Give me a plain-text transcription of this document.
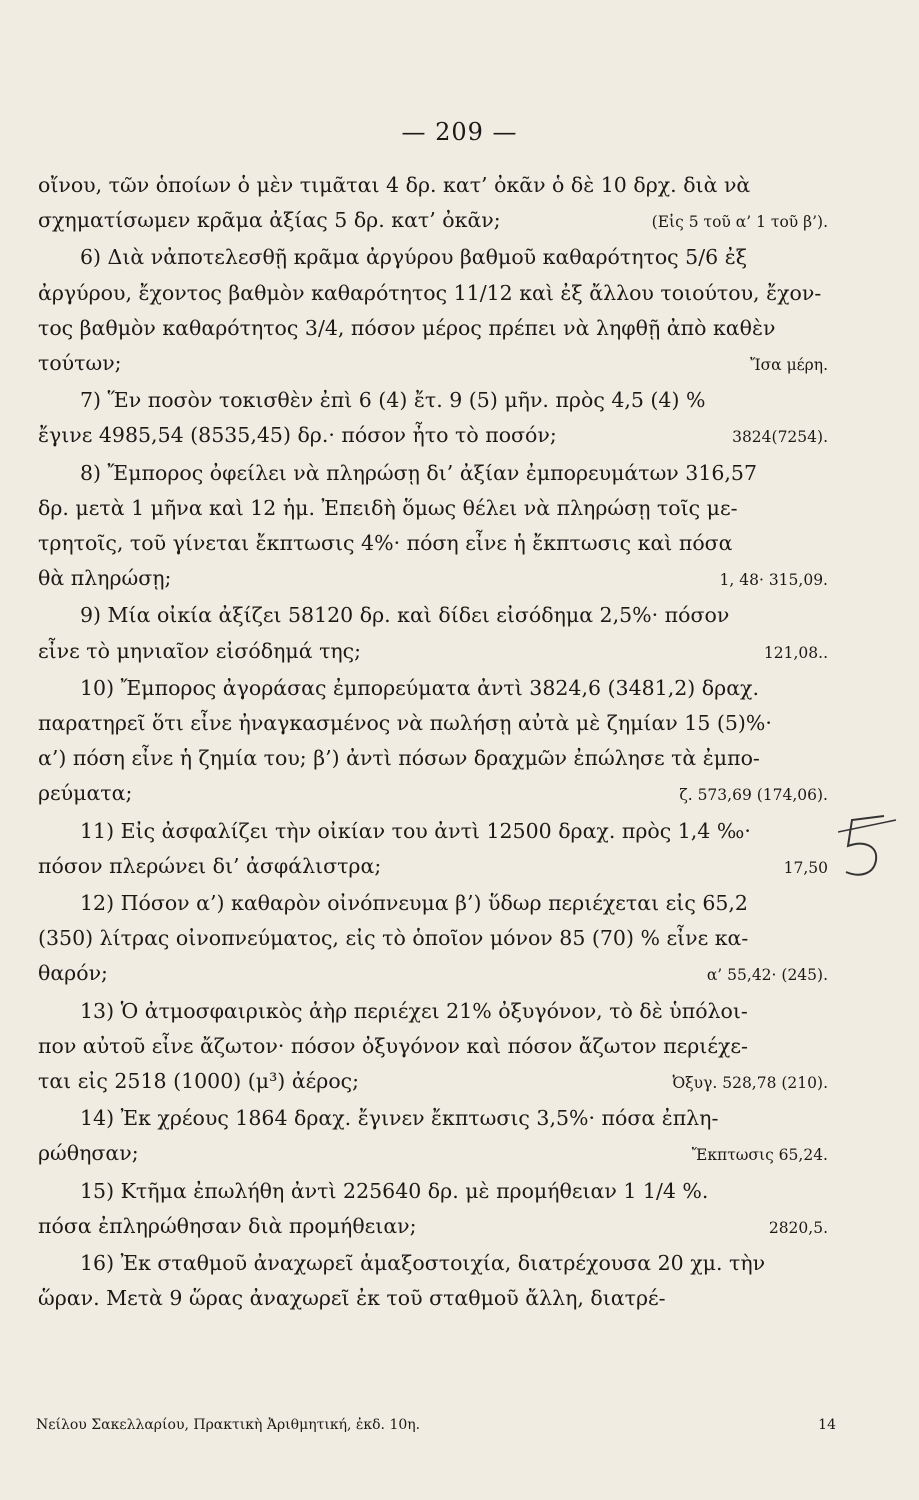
— 209 —
οἴνου, τῶν ὁποίων ὁ μὲν τιμᾶται 4 δρ. κατ’ ὀκᾶν ὁ δὲ 10 δρχ. διὰ νὰ
σχηματίσωμεν κρᾶμα ἀξίας 5 δρ. κατ’ ὀκᾶν;	(Εἰς 5 τοῦ α’ 1 τοῦ β’).
6) Διὰ νἀποτελεσθῇ κρᾶμα ἀργύρου βαθμοῦ καθαρότητος 5/6 ἐξ
ἀργύρου, ἔχοντος βαθμὸν καθαρότητος 11/12 καὶ ἐξ ἄλλου τοιούτου, ἔχον-
τος βαθμὸν καθαρότητος 3/4, πόσον μέρος πρέπει νὰ ληφθῇ ἀπὸ καθὲν
τούτων;	Ἴσα μέρη.
7) Ἕν ποσὸν τοκισθὲν ἐπὶ 6 (4) ἔτ. 9 (5) μῆν. πρὸς 4,5 (4) %
ἔγινε 4985,54 (8535,45) δρ.· πόσον ἦτο τὸ ποσόν;	3824(7254).
8) Ἔμπορος ὀφείλει νὰ πληρώσῃ δι’ ἀξίαν ἐμπορευμάτων 316,57
δρ. μετὰ 1 μῆνα καὶ 12 ἡμ. Ἐπειδὴ ὅμως θέλει νὰ πληρώσῃ τοῖς με-
τρητοῖς, τοῦ γίνεται ἔκπτωσις 4%· πόση εἶνε ἡ ἔκπτωσις καὶ πόσα
θὰ πληρώσῃ;	1, 48· 315,09.
9) Μία οἰκία ἀξίζει 58120 δρ. καὶ δίδει εἰσόδημα 2,5%· πόσον
εἶνε τὸ μηνιαῖον εἰσόδημά της;	121,08..
10) Ἔμπορος ἀγοράσας ἐμπορεύματα ἀντὶ 3824,6 (3481,2) δραχ.
παρατηρεῖ ὅτι εἶνε ἠναγκασμένος νὰ πωλήσῃ αὐτὰ μὲ ζημίαν 15 (5)%·
α’) πόση εἶνε ἡ ζημία του; β’) ἀντὶ πόσων δραχμῶν ἐπώλησε τὰ ἐμπο-
ρεύματα;	ζ. 573,69 (174,06).
11) Εἰς ἀσφαλίζει τὴν οἰκίαν του ἀντὶ 12500 δραχ. πρὸς 1,4 ‰·
πόσον πλερώνει δι’ ἀσφάλιστρα;	17,50
12) Πόσον α’) καθαρὸν οἰνόπνευμα β’) ὕδωρ περιέχεται εἰς 65,2
(350) λίτρας οἰνοπνεύματος, εἰς τὸ ὁποῖον μόνον 85 (70) % εἶνε κα-
θαρόν;	α’ 55,42· (245).
13) Ὁ ἀτμοσφαιρικὸς ἀὴρ περιέχει 21% ὀξυγόνον, τὸ δὲ ὑπόλοι-
πον αὐτοῦ εἶνε ἄζωτον· πόσον ὀξυγόνον καὶ πόσον ἄζωτον περιέχε-
ται εἰς 2518 (1000) (μ³) ἀέρος;	Ὀξυγ. 528,78 (210).
14) Ἐκ χρέους 1864 δραχ. ἔγινεν ἔκπτωσις 3,5%· πόσα ἐπλη-
ρώθησαν;	Ἔκπτωσις 65,24.
15) Κτῆμα ἐπωλήθη ἀντὶ 225640 δρ. μὲ προμήθειαν 1 1/4 %.
πόσα ἐπληρώθησαν διὰ προμήθειαν;	2820,5.
16) Ἐκ σταθμοῦ ἀναχωρεῖ ἁμαξοστοιχία, διατρέχουσα 20 χμ. τὴν
ὥραν. Μετὰ 9 ὥρας ἀναχωρεῖ ἐκ τοῦ σταθμοῦ ἄλλη, διατρέ-
Νείλου Σακελλαρίου, Πρακτικὴ Ἀριθμητική, ἐκδ. 10η.	14
